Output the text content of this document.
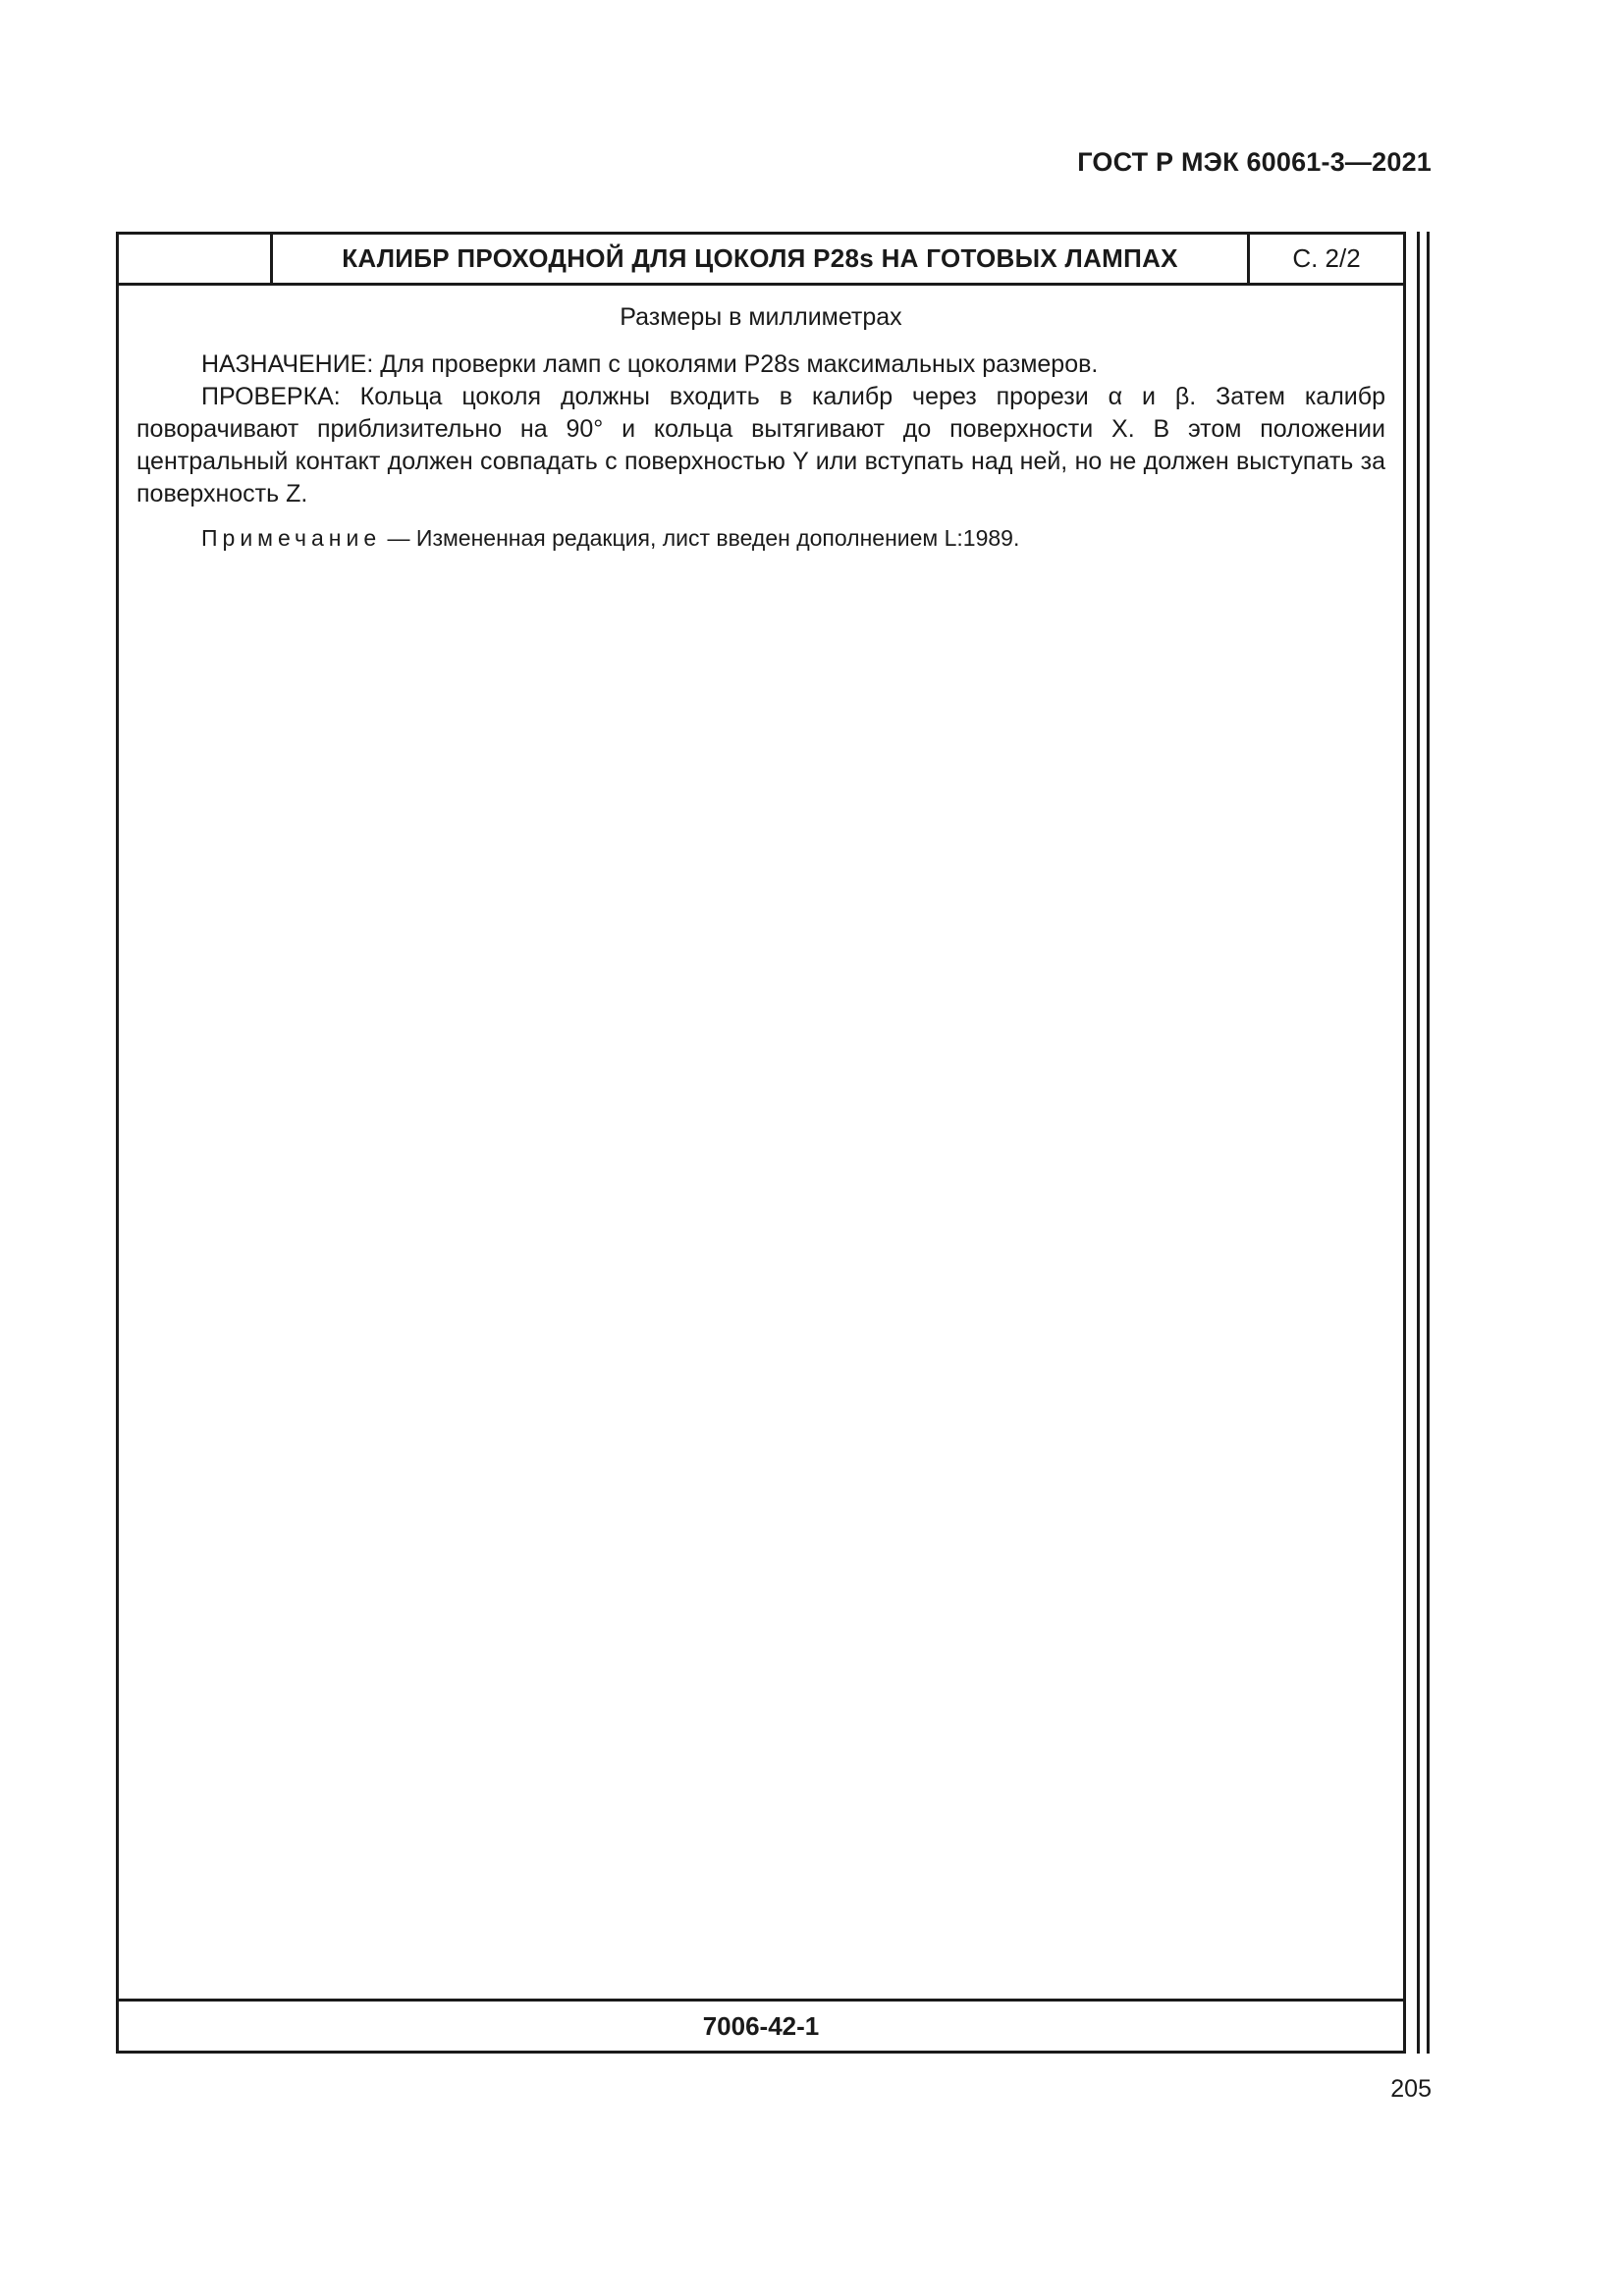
ГОСТ Р МЭК 60061-3—2021
КАЛИБР ПРОХОДНОЙ ДЛЯ ЦОКОЛЯ P28s НА ГОТОВЫХ ЛАМПАХ	С. 2/2
Размеры в миллиметрах

НАЗНАЧЕНИЕ: Для проверки ламп с цоколями P28s максимальных размеров.

ПРОВЕРКА: Кольца цоколя должны входить в калибр через прорези α и β. Затем калибр поворачивают приблизительно на 90° и кольца вытягивают до поверхности X. В этом положении центральный контакт должен совпадать с поверхностью Y или вступать над ней, но не должен выступать за поверхность Z.

Примечание — Измененная редакция, лист введен дополнением L:1989.

7006-42-1
205
